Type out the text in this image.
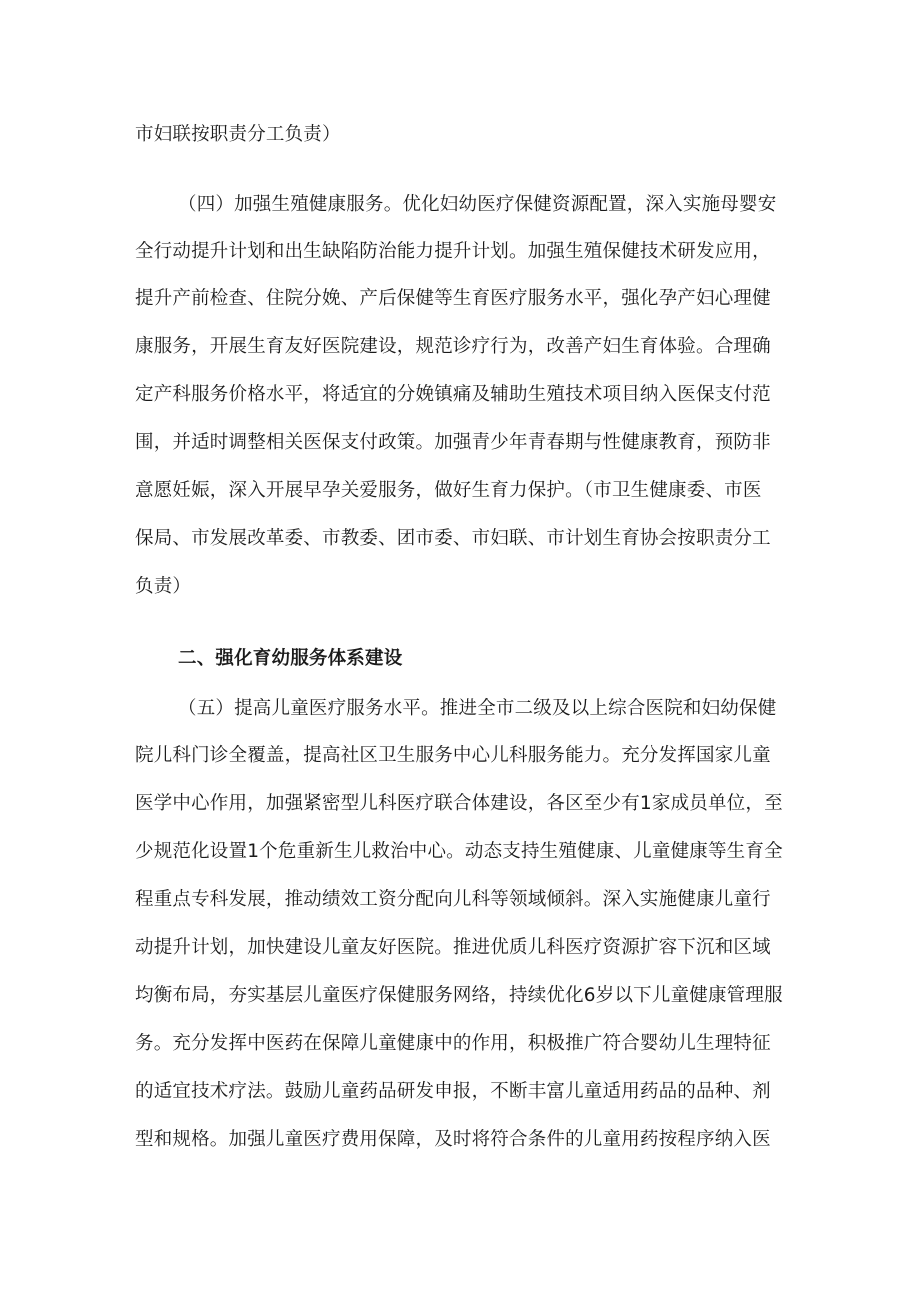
市妇联按职责分工负责）
（四）加强生殖健康服务。优化妇幼医疗保健资源配置，深入实施母婴安
全行动提升计划和出生缺陷防治能力提升计划。加强生殖保健技术研发应用，
提升产前检查、住院分娩、产后保健等生育医疗服务水平，强化孕产妇心理健
康服务，开展生育友好医院建设，规范诊疗行为，改善产妇生育体验。合理确
定产科服务价格水平，将适宜的分娩镇痛及辅助生殖技术项目纳入医保支付范
围，并适时调整相关医保支付政策。加强青少年青春期与性健康教育，预防非
意愿妊娠，深入开展早孕关爱服务，做好生育力保护。（市卫生健康委、市医
保局、市发展改革委、市教委、团市委、市妇联、市计划生育协会按职责分工
负责）
二、强化育幼服务体系建设
（五）提高儿童医疗服务水平。推进全市二级及以上综合医院和妇幼保健
院儿科门诊全覆盖，提高社区卫生服务中心儿科服务能力。充分发挥国家儿童
医学中心作用，加强紧密型儿科医疗联合体建设，各区至少有1家成员单位，至
少规范化设置1个危重新生儿救治中心。动态支持生殖健康、儿童健康等生育全
程重点专科发展，推动绩效工资分配向儿科等领域倾斜。深入实施健康儿童行
动提升计划，加快建设儿童友好医院。推进优质儿科医疗资源扩容下沉和区域
均衡布局，夯实基层儿童医疗保健服务网络，持续优化6岁以下儿童健康管理服
务。充分发挥中医药在保障儿童健康中的作用，积极推广符合婴幼儿生理特征
的适宜技术疗法。鼓励儿童药品研发申报，不断丰富儿童适用药品的品种、剂
型和规格。加强儿童医疗费用保障，及时将符合条件的儿童用药按程序纳入医
